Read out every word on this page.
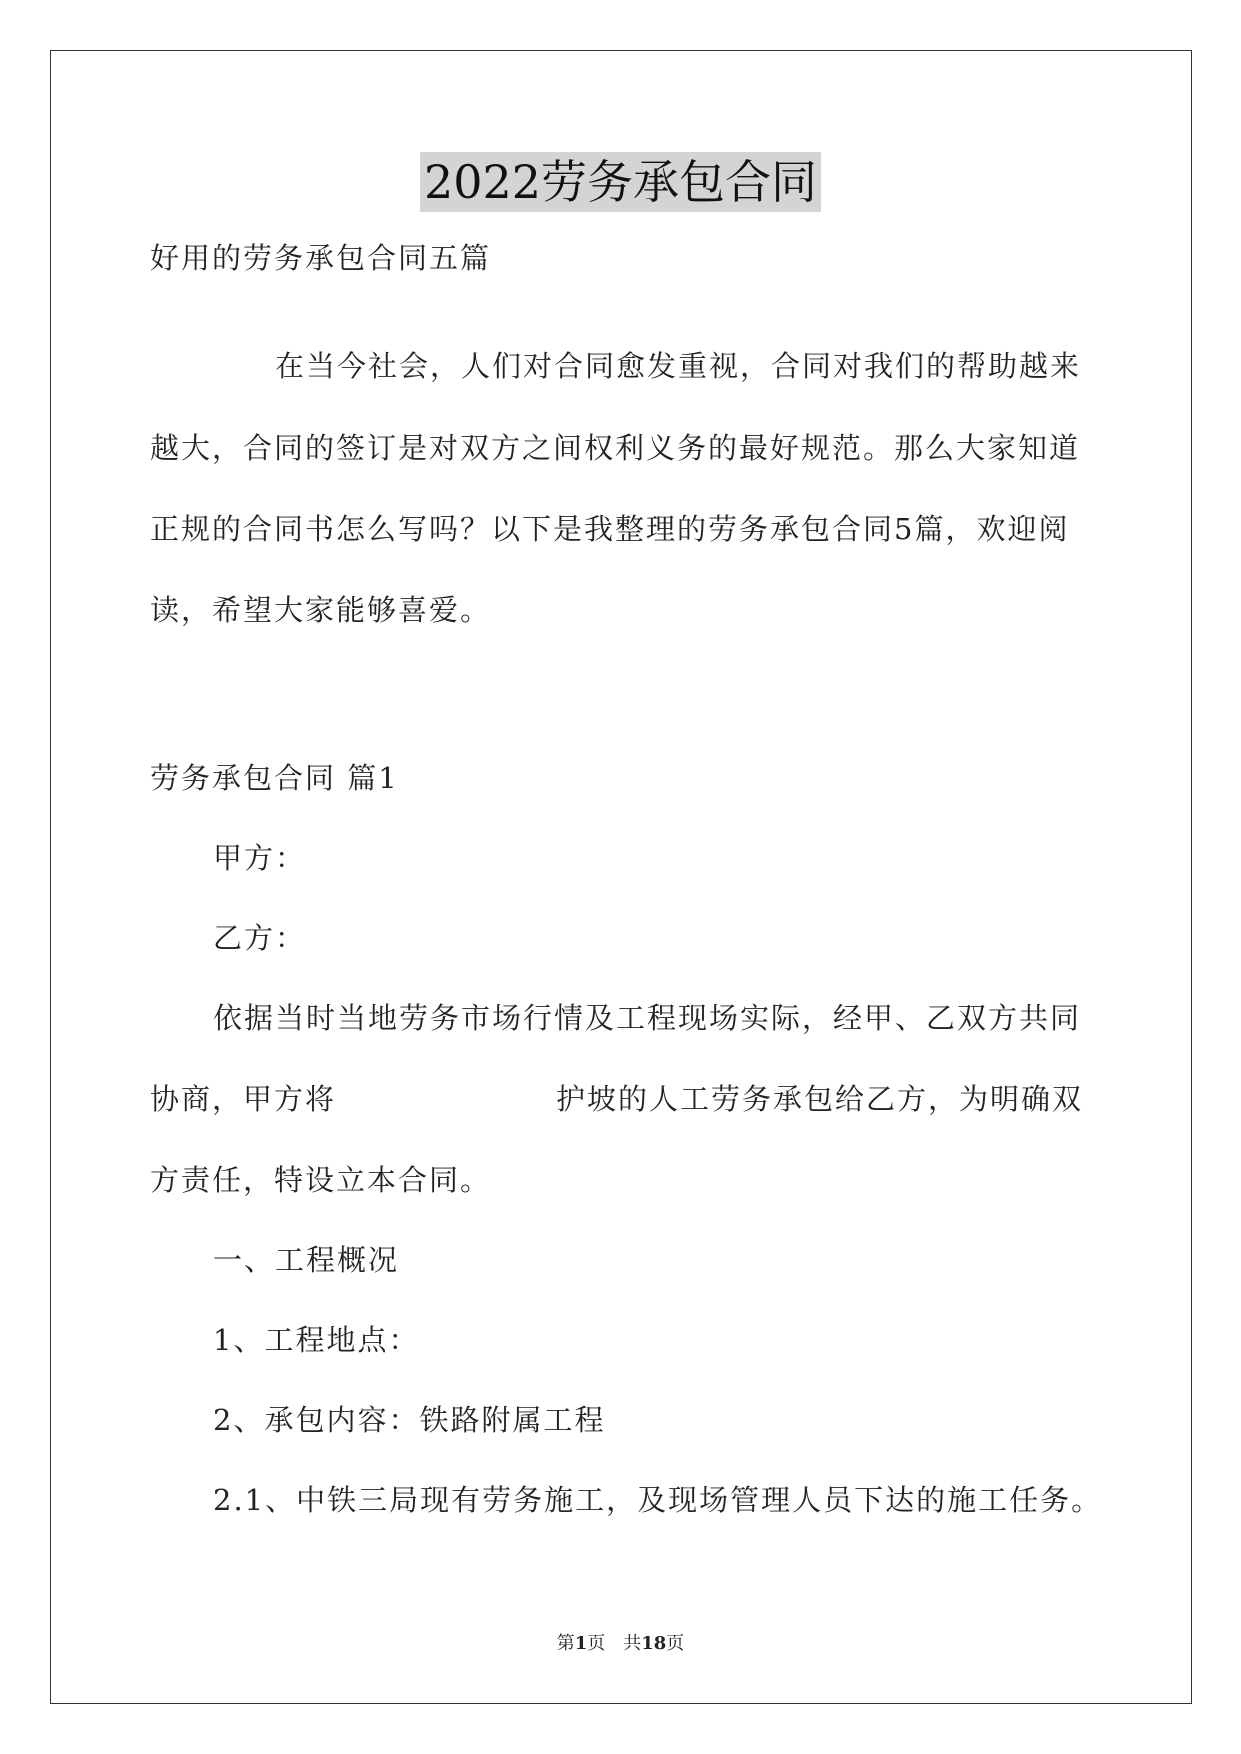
2022劳务承包合同
好用的劳务承包合同五篇
在当今社会，人们对合同愈发重视，合同对我们的帮助越来
越大，合同的签订是对双方之间权利义务的最好规范。那么大家知道
正规的合同书怎么写吗？以下是我整理的劳务承包合同5篇，欢迎阅
读，希望大家能够喜爱。
劳务承包合同 篇1
甲方：
乙方：
依据当时当地劳务市场行情及工程现场实际，经甲、乙双方共同
协商，甲方将	护坡的人工劳务承包给乙方，为明确双
方责任，特设立本合同。
一、工程概况
1、工程地点：
2、承包内容：铁路附属工程
2.1、中铁三局现有劳务施工，及现场管理人员下达的施工任务。
第1页　共18页
